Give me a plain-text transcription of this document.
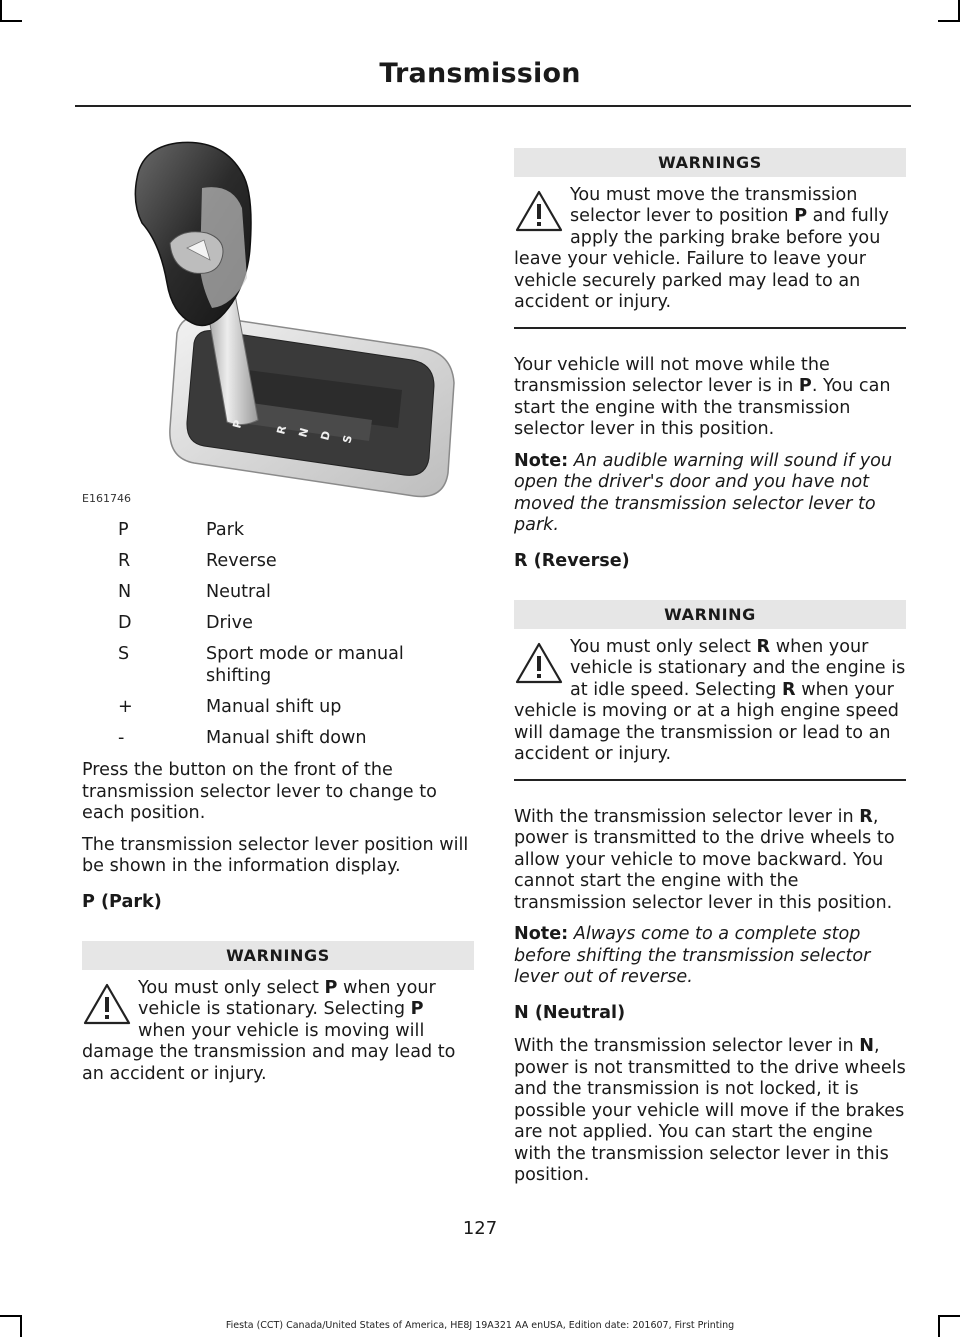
Transmission
P
R N D S
E161746
P	Park
R	Reverse
N	Neutral
D	Drive
S	Sport mode or manual shifting
+	Manual shift up
-	Manual shift down

Press the button on the front of the transmission selector lever to change to each position.

The transmission selector lever position will be shown in the information display.

P (Park)

WARNINGS
You must only select P when your vehicle is stationary. Selecting P when your vehicle is moving will damage the transmission and may lead to an accident or injury.
WARNINGS
You must move the transmission selector lever to position P and fully apply the parking brake before you leave your vehicle. Failure to leave your vehicle securely parked may lead to an accident or injury.

Your vehicle will not move while the transmission selector lever is in P. You can start the engine with the transmission selector lever in this position.

Note: An audible warning will sound if you open the driver's door and you have not moved the transmission selector lever to park.

R (Reverse)

WARNING
You must only select R when your vehicle is stationary and the engine is at idle speed. Selecting R when your vehicle is moving or at a high engine speed will damage the transmission or lead to an accident or injury.

With the transmission selector lever in R, power is transmitted to the drive wheels to allow your vehicle to move backward. You cannot start the engine with the transmission selector lever in this position.

Note: Always come to a complete stop before shifting the transmission selector lever out of reverse.

N (Neutral)

With the transmission selector lever in N, power is not transmitted to the drive wheels and the transmission is not locked, it is possible your vehicle will move if the brakes are not applied. You can start the engine with the transmission selector lever in this position.

127
Fiesta (CCT) Canada/United States of America, HE8J 19A321 AA enUSA, Edition date: 201607, First Printing
